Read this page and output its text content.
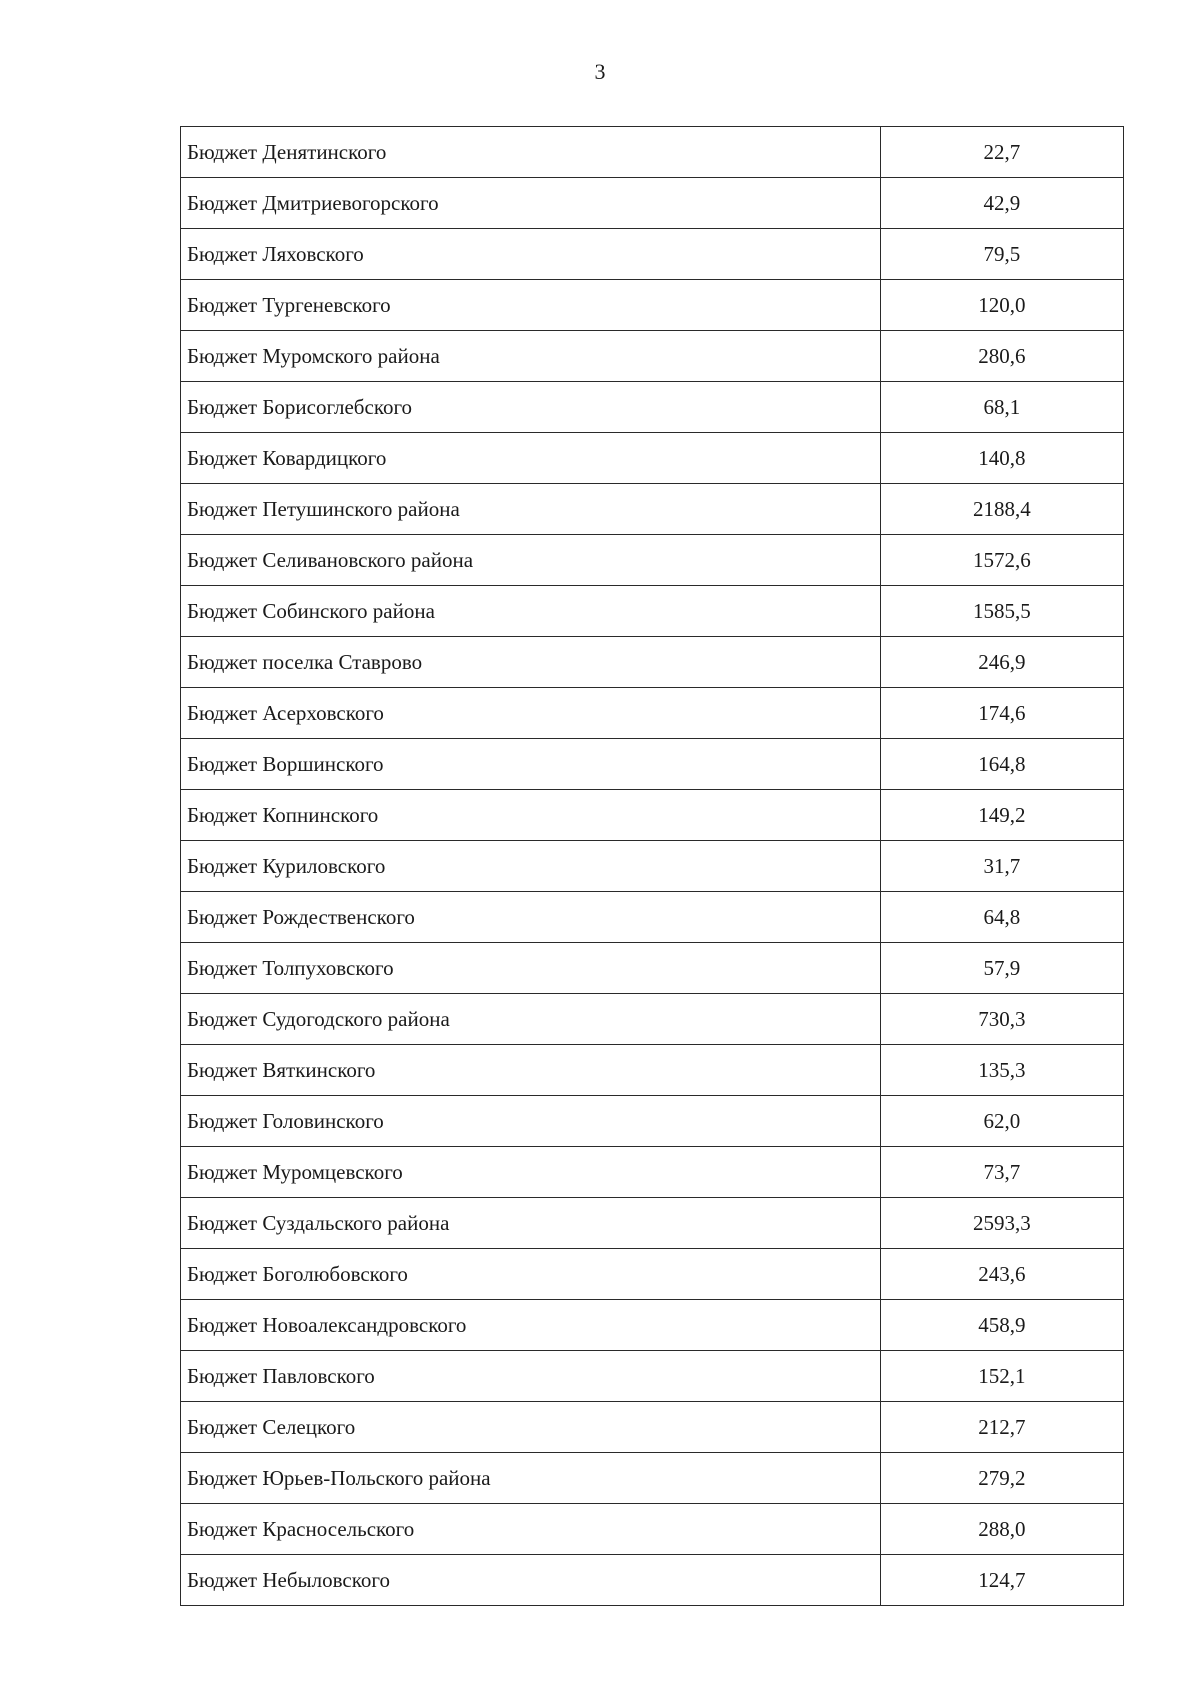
3
Бюджет Денятинского	22,7
Бюджет Дмитриевогорского	42,9
Бюджет Ляховского	79,5
Бюджет Тургеневского	120,0
Бюджет Муромского района	280,6
Бюджет Борисоглебского	68,1
Бюджет Ковардицкого	140,8
Бюджет Петушинского района	2188,4
Бюджет Селивановского района	1572,6
Бюджет Собинского района	1585,5
Бюджет поселка Ставрово	246,9
Бюджет Асерховского	174,6
Бюджет Воршинского	164,8
Бюджет Копнинского	149,2
Бюджет Куриловского	31,7
Бюджет Рождественского	64,8
Бюджет Толпуховского	57,9
Бюджет Судогодского района	730,3
Бюджет Вяткинского	135,3
Бюджет Головинского	62,0
Бюджет Муромцевского	73,7
Бюджет Суздальского района	2593,3
Бюджет Боголюбовского	243,6
Бюджет Новоалександровского	458,9
Бюджет Павловского	152,1
Бюджет Селецкого	212,7
Бюджет Юрьев-Польского района	279,2
Бюджет Красносельского	288,0
Бюджет Небыловского	124,7
